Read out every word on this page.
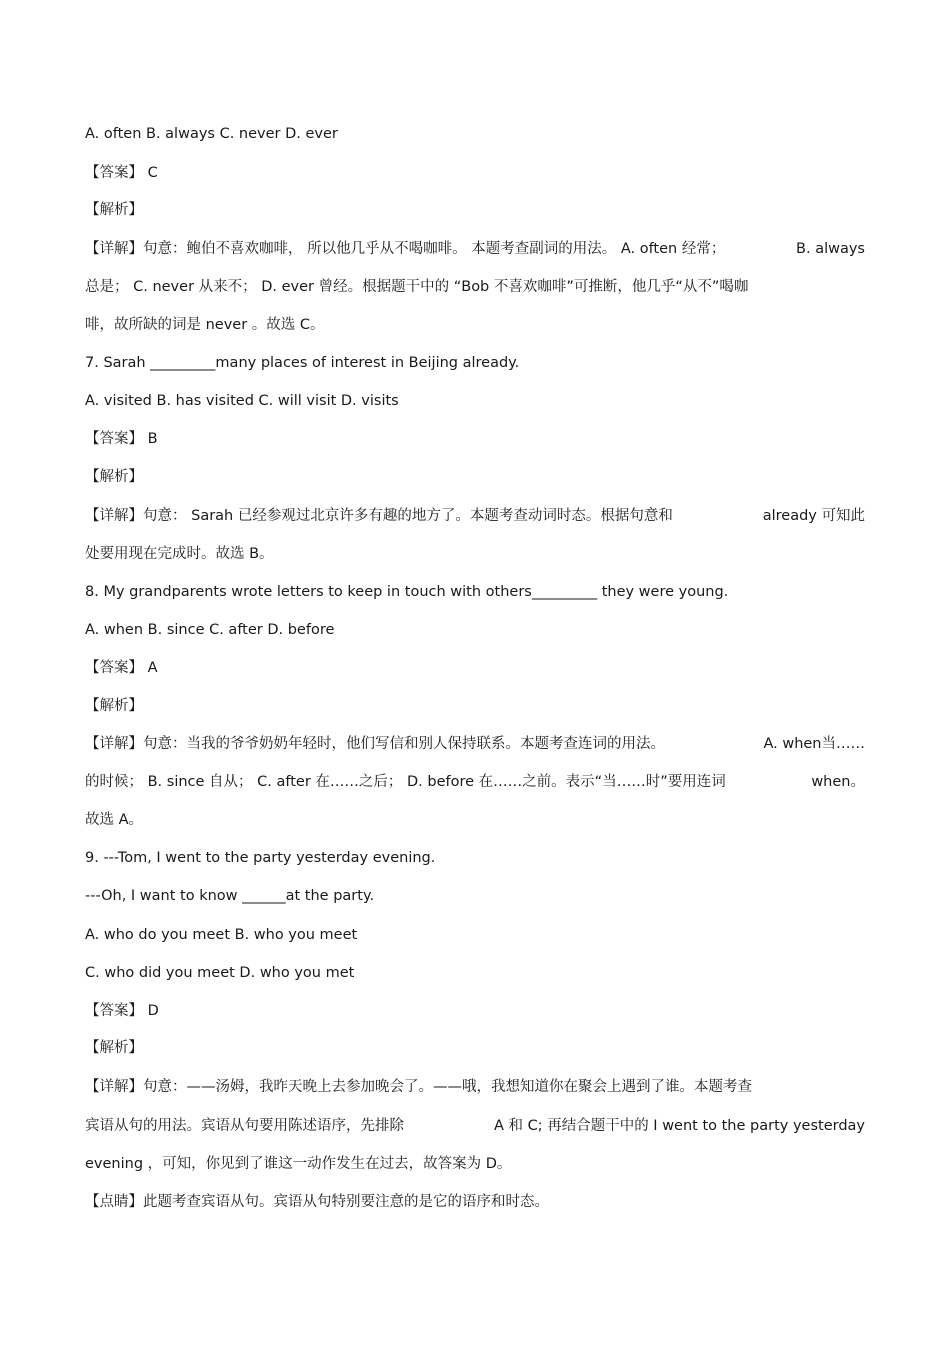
A. often B. always C. never D. ever
【答案】 C
【解析】
【详解】句意：鲍伯不喜欢咖啡， 所以他几乎从不喝咖啡。 本题考查副词的用法。 A. often 经常；	B. always
总是； C. never 从来不； D. ever 曾经。根据题干中的 “Bob 不喜欢咖啡”可推断，他几乎“从不”喝咖
啡，故所缺的词是 never 。故选 C。
7. Sarah _________many places of interest in Beijing already.
A. visited B. has visited C. will visit D. visits
【答案】 B
【解析】
【详解】句意： Sarah 已经参观过北京许多有趣的地方了。本题考查动词时态。根据句意和	already 可知此
处要用现在完成时。故选 B。
8. My grandparents wrote letters to keep in touch with others_________ they were young.
A. when B. since C. after D. before
【答案】 A
【解析】
【详解】句意：当我的爷爷奶奶年轻时，他们写信和别人保持联系。本题考查连词的用法。	A. when当……
的时候； B. since 自从； C. after 在……之后； D. before 在……之前。表示“当……时”要用连词	when。
故选 A。
9. ---Tom, I went to the party yesterday evening.
---Oh, I want to know ______at the party.
A. who do you meet B. who you meet
C. who did you meet D. who you met
【答案】 D
【解析】
【详解】句意：——汤姆，我昨天晚上去参加晚会了。——哦，我想知道你在聚会上遇到了谁。本题考查
宾语从句的用法。宾语从句要用陈述语序，先排除	A 和 C; 再结合题干中的 I went to the party yesterday
evening ，可知，你见到了谁这一动作发生在过去，故答案为 D。
【点睛】此题考查宾语从句。宾语从句特别要注意的是它的语序和时态。
